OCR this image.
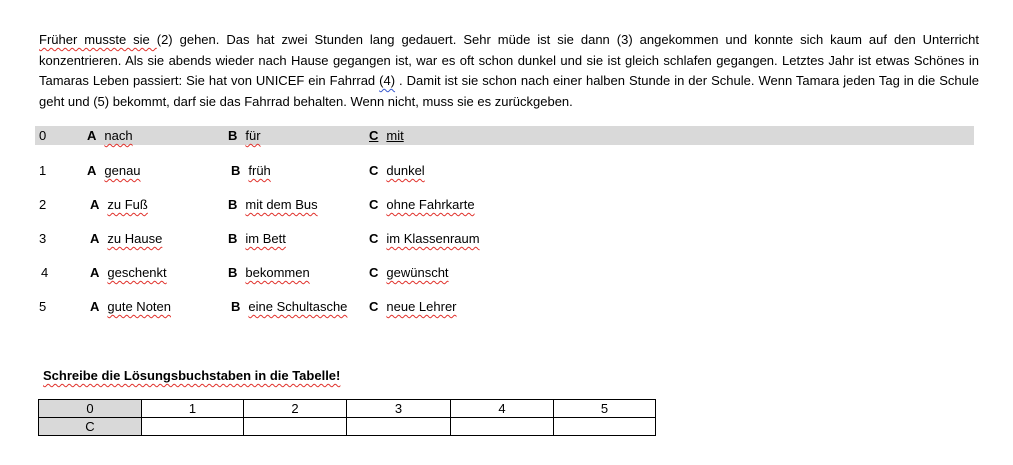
Früher musste sie (2) gehen. Das hat zwei Stunden lang gedauert. Sehr müde ist sie dann (3) angekommen und konnte sich kaum auf den Unterricht konzentrieren. Als sie abends wieder nach Hause gegangen ist, war es oft schon dunkel und sie ist gleich schlafen gegangen. Letztes Jahr ist etwas Schönes in Tamaras Leben passiert: Sie hat von UNICEF ein Fahrrad (4) . Damit ist sie schon nach einer halben Stunde in der Schule. Wenn Tamara jeden Tag in die Schule geht und (5) bekommt, darf sie das Fahrrad behalten. Wenn nicht, muss sie es zurückgeben.
0	A nach	B für	C mit
1	A genau	B früh	C dunkel
2	A zu Fuß	B mit dem Bus	C ohne Fahrkarte
3	A zu Hause	B im Bett	C im Klassenraum
4	A geschenkt	B bekommen	C gewünscht
5	A gute Noten	B eine Schultasche C neue Lehrer
Schreibe die Lösungsbuchstaben in die Tabelle!
0	1	2	3	4	5
C					
